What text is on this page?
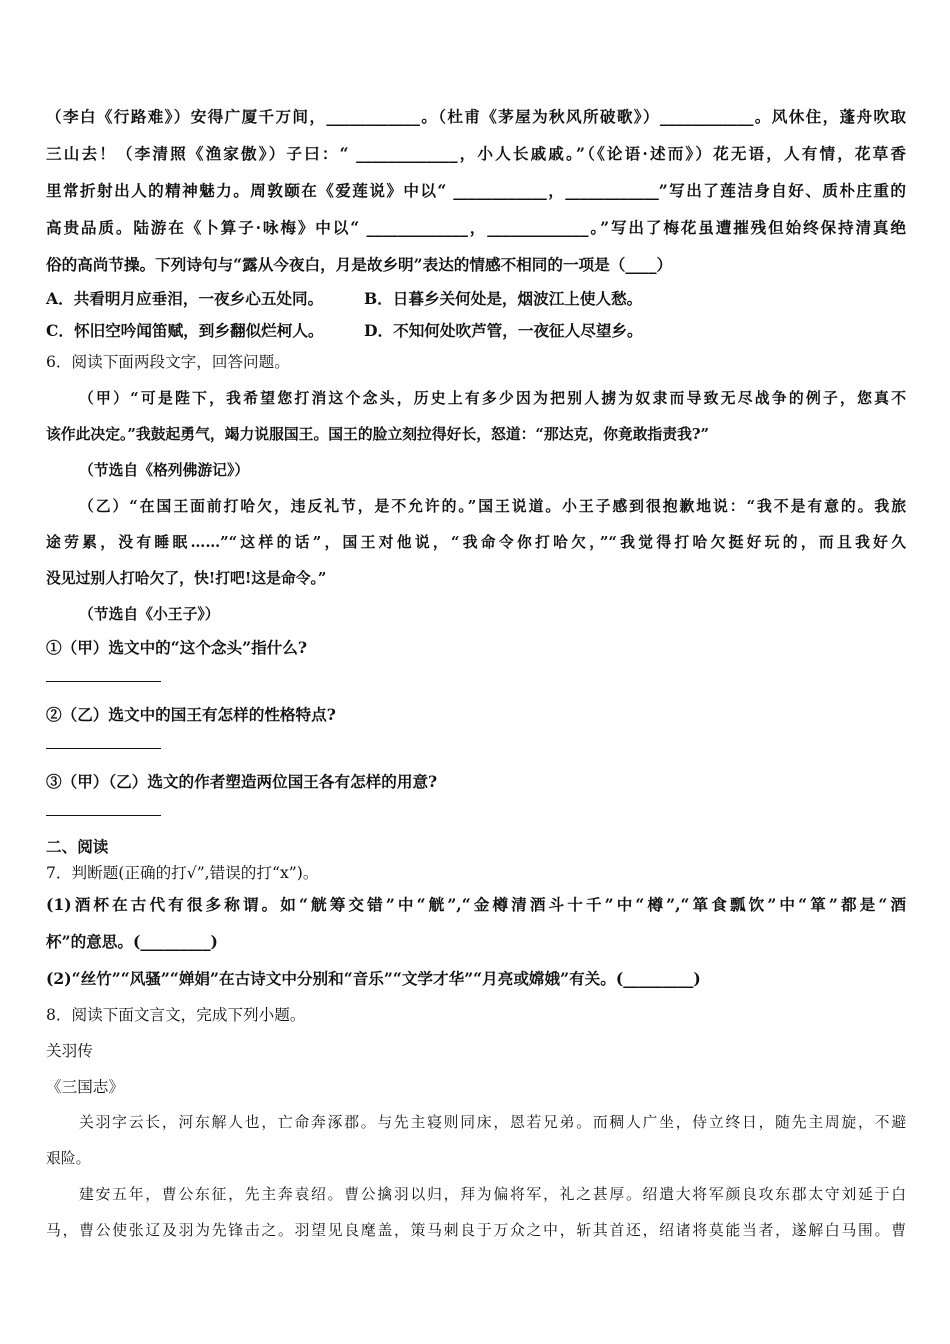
（李白《行路难》）安得广厦千万间，____________。（杜甫《茅屋为秋风所破歌》）____________。风休住，蓬舟吹取
三山去！（李清照《渔家傲》）子曰：“ _____________，小人长戚戚。”（《论语·述而》）花无语，人有情，花草香
里常折射出人的精神魅力。周敦颐在《爱莲说》中以“ ____________，____________”写出了莲洁身自好、质朴庄重的
高贵品质。陆游在《卜算子·咏梅》中以“ _____________，_____________。”写出了梅花虽遭摧残但始终保持清真绝
俗的高尚节操。下列诗句与“露从今夜白，月是故乡明”表达的情感不相同的一项是（____）
A．共看明月应垂泪，一夜乡心五处同。	B．日暮乡关何处是，烟波江上使人愁。
C．怀旧空吟闻笛赋，到乡翻似烂柯人。	D．不知何处吹芦管，一夜征人尽望乡。
6．阅读下面两段文字，回答问题。
（甲）“可是陛下，我希望您打消这个念头，历史上有多少因为把别人掳为奴隶而导致无尽战争的例子，您真不
该作此决定。”我鼓起勇气，竭力说服国王。国王的脸立刻拉得好长，怒道：“那达克，你竟敢指责我?”
（节选自《格列佛游记》）
（乙）“在国王面前打哈欠，违反礼节，是不允许的。”国王说道。小王子感到很抱歉地说：“我不是有意的。我旅
途劳累，没有睡眠……”“这样的话”，国王对他说，“我命令你打哈欠，”“我觉得打哈欠挺好玩的，而且我好久
没见过别人打哈欠了，快!打吧!这是命令。”
（节选自《小王子》）
①（甲）选文中的“这个念头”指什么?
②（乙）选文中的国王有怎样的性格特点?
③（甲）（乙）选文的作者塑造两位国王各有怎样的用意?
二、阅读
7．判断题(正确的打√”,错误的打“x”)。
(1)酒杯在古代有很多称谓。如“觥筹交错”中“觥”,“金樽清酒斗十千”中“樽”,“箪食瓢饮”中“箪”都是“酒
杯”的意思。(_________)
(2)“丝竹”“风骚”“婵娟”在古诗文中分别和“音乐”“文学才华”“月亮或嫦娥”有关。(_________)
8．阅读下面文言文，完成下列小题。
关羽传
《三国志》
关羽字云长，河东解人也，亡命奔涿郡。与先主寝则同床，恩若兄弟。而稠人广坐，侍立终日，随先主周旋，不避
艰险。
建安五年，曹公东征，先主奔袁绍。曹公擒羽以归，拜为偏将军，礼之甚厚。绍遣大将军颜良攻东郡太守刘延于白
马，曹公使张辽及羽为先锋击之。羽望见良麾盖，策马刺良于万众之中，斩其首还，绍诸将莫能当者，遂解白马围。曹
